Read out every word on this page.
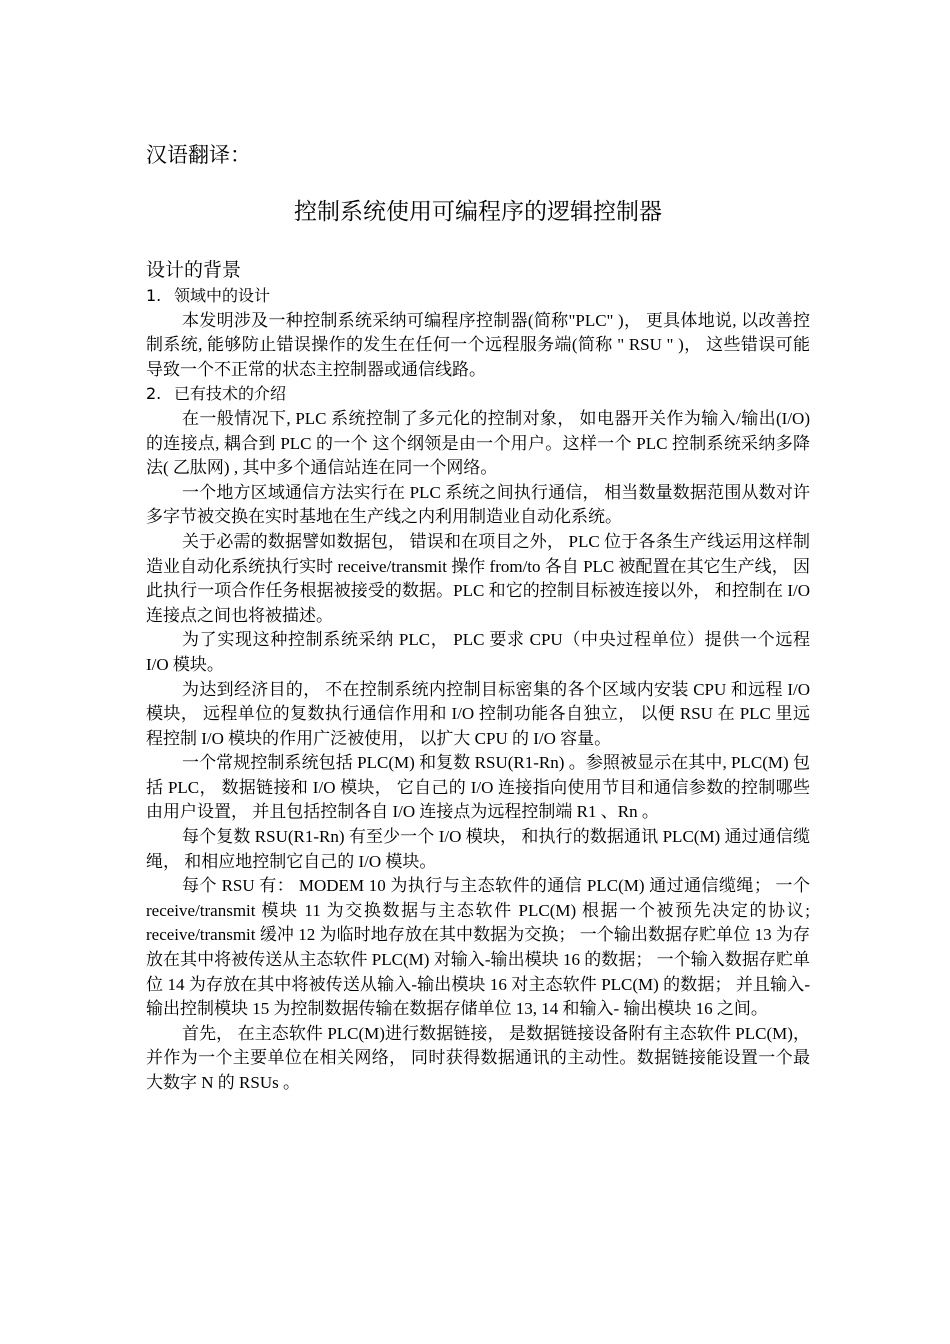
汉语翻译：
控制系统使用可编程序的逻辑控制器
设计的背景
1. 领域中的设计

本发明涉及一种控制系统采纳可编程序控制器(简称"PLC" )， 更具体地说, 以改善控制系统, 能够防止错误操作的发生在任何一个远程服务端(简称 " RSU " )， 这些错误可能导致一个不正常的状态主控制器或通信线路。

2. 已有技术的介绍

在一般情况下, PLC 系统控制了多元化的控制对象， 如电器开关作为输入/输出(I/O)的连接点, 耦合到 PLC 的一个 这个纲领是由一个用户。这样一个 PLC 控制系统采纳多降法( 乙肽网) , 其中多个通信站连在同一个网络。

一个地方区域通信方法实行在 PLC 系统之间执行通信， 相当数量数据范围从数对许多字节被交换在实时基地在生产线之内利用制造业自动化系统。

关于必需的数据譬如数据包， 错误和在项目之外， PLC 位于各条生产线运用这样制造业自动化系统执行实时 receive/transmit 操作 from/to 各自 PLC 被配置在其它生产线， 因此执行一项合作任务根据被接受的数据。PLC 和它的控制目标被连接以外， 和控制在 I/O 连接点之间也将被描述。

为了实现这种控制系统采纳 PLC， PLC 要求 CPU（中央过程单位）提供一个远程 I/O 模块。

为达到经济目的， 不在控制系统内控制目标密集的各个区域内安装 CPU 和远程 I/O 模块， 远程单位的复数执行通信作用和 I/O 控制功能各自独立， 以便 RSU 在 PLC 里远程控制 I/O 模块的作用广泛被使用， 以扩大 CPU 的 I/O 容量。

一个常规控制系统包括 PLC(M) 和复数 RSU(R1-Rn) 。参照被显示在其中, PLC(M) 包括 PLC， 数据链接和 I/O 模块， 它自己的 I/O 连接指向使用节目和通信参数的控制哪些由用户设置， 并且包括控制各自 I/O 连接点为远程控制端 R1 、Rn 。

每个复数 RSU(R1-Rn) 有至少一个 I/O 模块， 和执行的数据通讯 PLC(M) 通过通信缆绳， 和相应地控制它自己的 I/O 模块。

每个 RSU 有： MODEM 10 为执行与主态软件的通信 PLC(M) 通过通信缆绳； 一个 receive/transmit 模块 11 为交换数据与主态软件 PLC(M) 根据一个被预先决定的协议; receive/transmit 缓冲 12 为临时地存放在其中数据为交换； 一个输出数据存贮单位 13 为存放在其中将被传送从主态软件 PLC(M) 对输入-输出模块 16 的数据； 一个输入数据存贮单位 14 为存放在其中将被传送从输入-输出模块 16 对主态软件 PLC(M) 的数据； 并且输入- 输出控制模块 15 为控制数据传输在数据存储单位 13, 14 和输入- 输出模块 16 之间。

首先， 在主态软件 PLC(M)进行数据链接， 是数据链接设备附有主态软件 PLC(M)， 并作为一个主要单位在相关网络， 同时获得数据通讯的主动性。数据链接能设置一个最大数字 N 的 RSUs 。
